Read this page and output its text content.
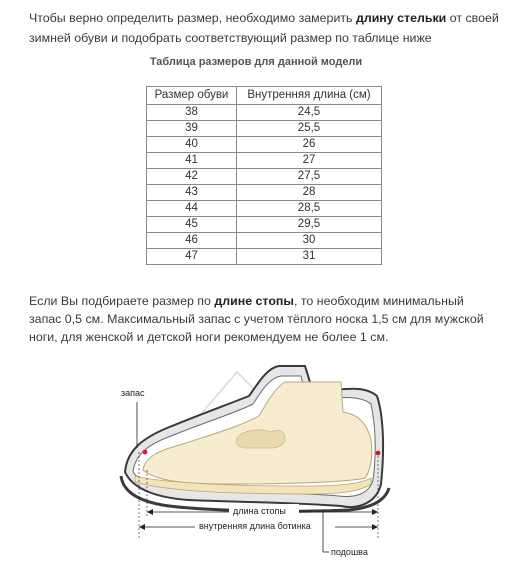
Чтобы верно определить размер, необходимо замерить длину стельки от своей зимней обуви и подобрать соответствующий размер по таблице ниже
Таблица размеров для данной модели
Размер обуви	Внутренняя длина (см)
38	24,5
39	25,5
40	26
41	27
42	27,5
43	28
44	28,5
45	29,5
46	30
47	31
Если Вы подбираете размер по длине стопы, то необходим минимальный запас 0,5 см. Максимальный запас с учетом тёплого носка 1,5 см для мужской ноги, для женской и детской ноги рекомендуем не более 1 см.
запас
длина стопы
внутренняя длина ботинка
подошва
